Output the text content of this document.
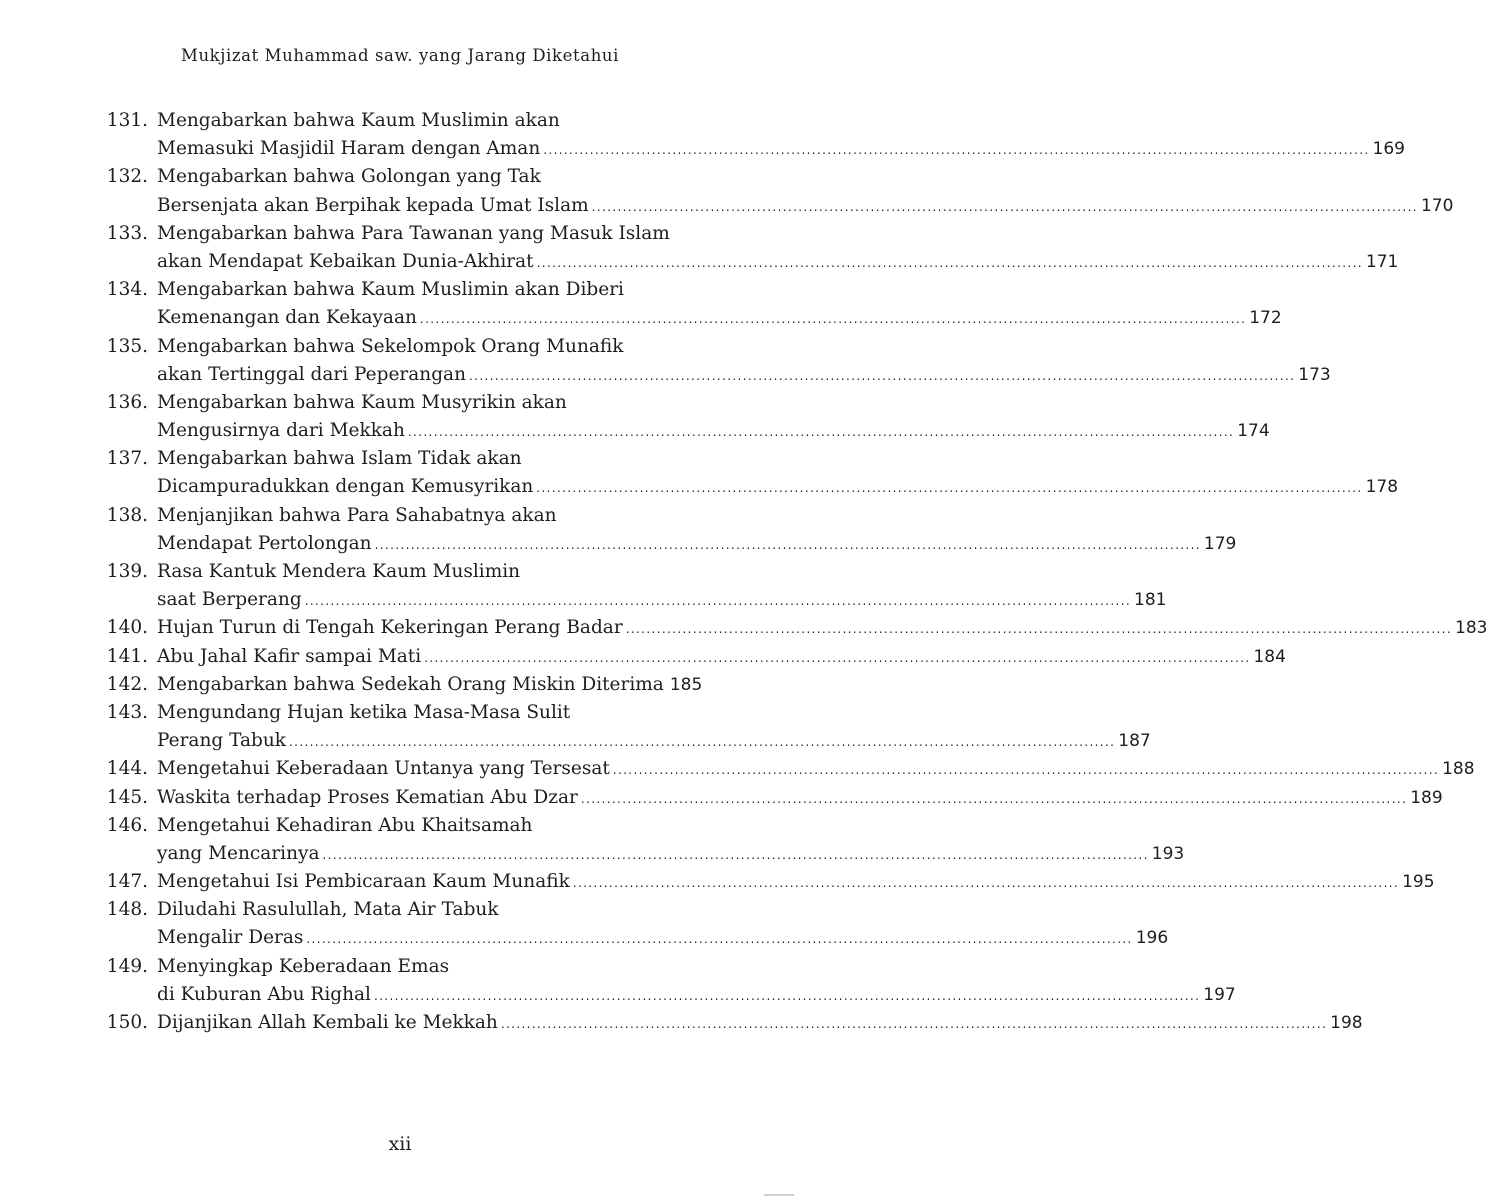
Mukjizat Muhammad saw. yang Jarang Diketahui
131. Mengabarkan bahwa Kaum Muslimin akan
Memasuki Masjidil Haram dengan Aman ................................................................................................................................................................ 169
132. Mengabarkan bahwa Golongan yang Tak
Bersenjata akan Berpihak kepada Umat Islam ................................................................................................................................................................ 170
133. Mengabarkan bahwa Para Tawanan yang Masuk Islam
akan Mendapat Kebaikan Dunia-Akhirat ................................................................................................................................................................ 171
134. Mengabarkan bahwa Kaum Muslimin akan Diberi
Kemenangan dan Kekayaan ................................................................................................................................................................ 172
135. Mengabarkan bahwa Sekelompok Orang Munafik
akan Tertinggal dari Peperangan ................................................................................................................................................................ 173
136. Mengabarkan bahwa Kaum Musyrikin akan
Mengusirnya dari Mekkah ................................................................................................................................................................ 174
137. Mengabarkan bahwa Islam Tidak akan
Dicampuradukkan dengan Kemusyrikan ................................................................................................................................................................ 178
138. Menjanjikan bahwa Para Sahabatnya akan
Mendapat Pertolongan ................................................................................................................................................................ 179
139. Rasa Kantuk Mendera Kaum Muslimin
saat Berperang ................................................................................................................................................................ 181
140. Hujan Turun di Tengah Kekeringan Perang Badar ................................................................................................................................................................ 183
141. Abu Jahal Kafir sampai Mati ................................................................................................................................................................ 184
142. Mengabarkan bahwa Sedekah Orang Miskin Diterima 185
143. Mengundang Hujan ketika Masa-Masa Sulit
Perang Tabuk ................................................................................................................................................................ 187
144. Mengetahui Keberadaan Untanya yang Tersesat ................................................................................................................................................................ 188
145. Waskita terhadap Proses Kematian Abu Dzar ................................................................................................................................................................ 189
146. Mengetahui Kehadiran Abu Khaitsamah
yang Mencarinya ................................................................................................................................................................ 193
147. Mengetahui Isi Pembicaraan Kaum Munafik ................................................................................................................................................................ 195
148. Diludahi Rasulullah, Mata Air Tabuk
Mengalir Deras ................................................................................................................................................................ 196
149. Menyingkap Keberadaan Emas
di Kuburan Abu Righal ................................................................................................................................................................ 197
150. Dijanjikan Allah Kembali ke Mekkah ................................................................................................................................................................ 198
xii
